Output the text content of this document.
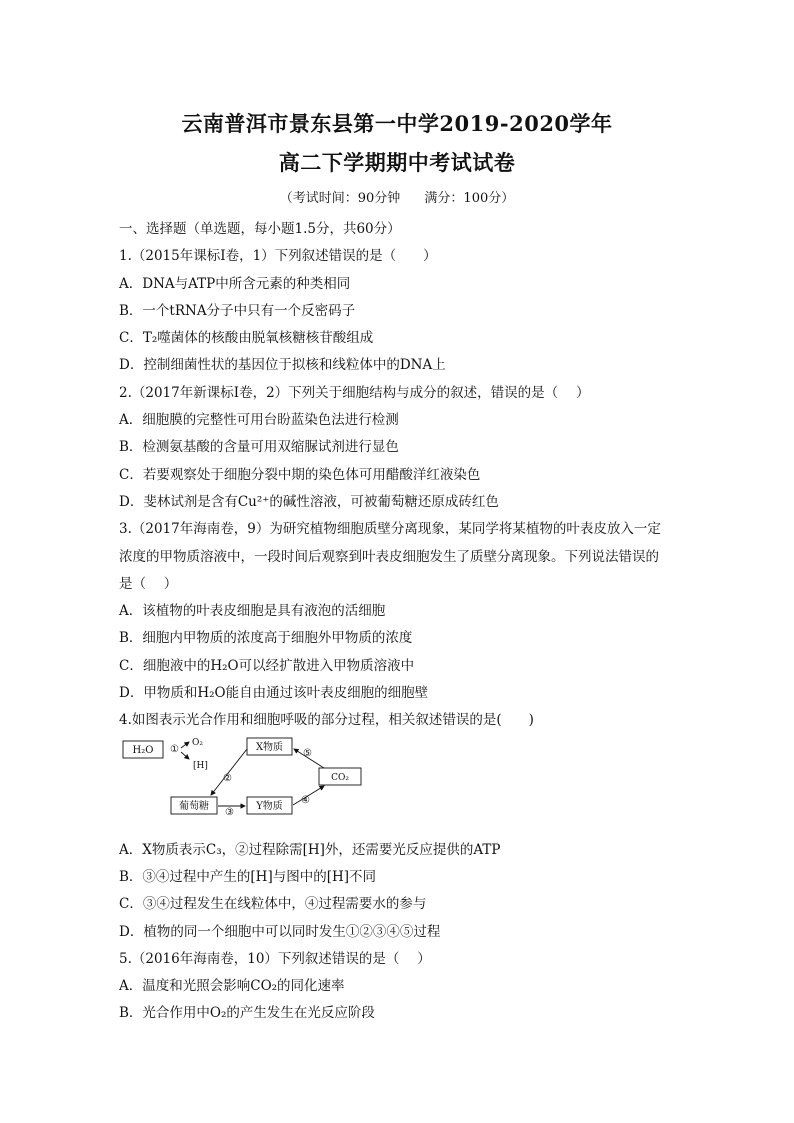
云南普洱市景东县第一中学2019-2020学年
高二下学期期中考试试卷
（考试时间：90分钟 满分：100分）
一、选择题（单选题，每小题1.5分，共60分）
1.（2015年课标Ⅰ卷，1）下列叙述错误的是（　　）
A．DNA与ATP中所含元素的种类相同
B．一个tRNA分子中只有一个反密码子
C．T₂噬菌体的核酸由脱氧核糖核苷酸组成
D．控制细菌性状的基因位于拟核和线粒体中的DNA上
2.（2017年新课标Ⅰ卷，2）下列关于细胞结构与成分的叙述，错误的是（　 ）
A．细胞膜的完整性可用台盼蓝染色法进行检测
B．检测氨基酸的含量可用双缩脲试剂进行显色
C．若要观察处于细胞分裂中期的染色体可用醋酸洋红液染色
D．斐林试剂是含有Cu²⁺的碱性溶液，可被葡萄糖还原成砖红色
3.（2017年海南卷，9）为研究植物细胞质壁分离现象，某同学将某植物的叶表皮放入一定
浓度的甲物质溶液中，一段时间后观察到叶表皮细胞发生了质壁分离现象。下列说法错误的
是（　 ）
A．该植物的叶表皮细胞是具有液泡的活细胞
B．细胞内甲物质的浓度高于细胞外甲物质的浓度
C．细胞液中的H₂O可以经扩散进入甲物质溶液中
D．甲物质和H₂O能自由通过该叶表皮细胞的细胞壁
4.如图表示光合作用和细胞呼吸的部分过程，相关叙述错误的是(　　)
H₂O ①
O₂
[H]
X物质
CO₂
葡萄糖	Y物质
②
③
④
⑤
A．X物质表示C₃，②过程除需[H]外，还需要光反应提供的ATP
B．③④过程中产生的[H]与图中的[H]不同
C．③④过程发生在线粒体中，④过程需要水的参与
D．植物的同一个细胞中可以同时发生①②③④⑤过程
5.（2016年海南卷，10）下列叙述错误的是（　 ）
A．温度和光照会影响CO₂的同化速率
B．光合作用中O₂的产生发生在光反应阶段
